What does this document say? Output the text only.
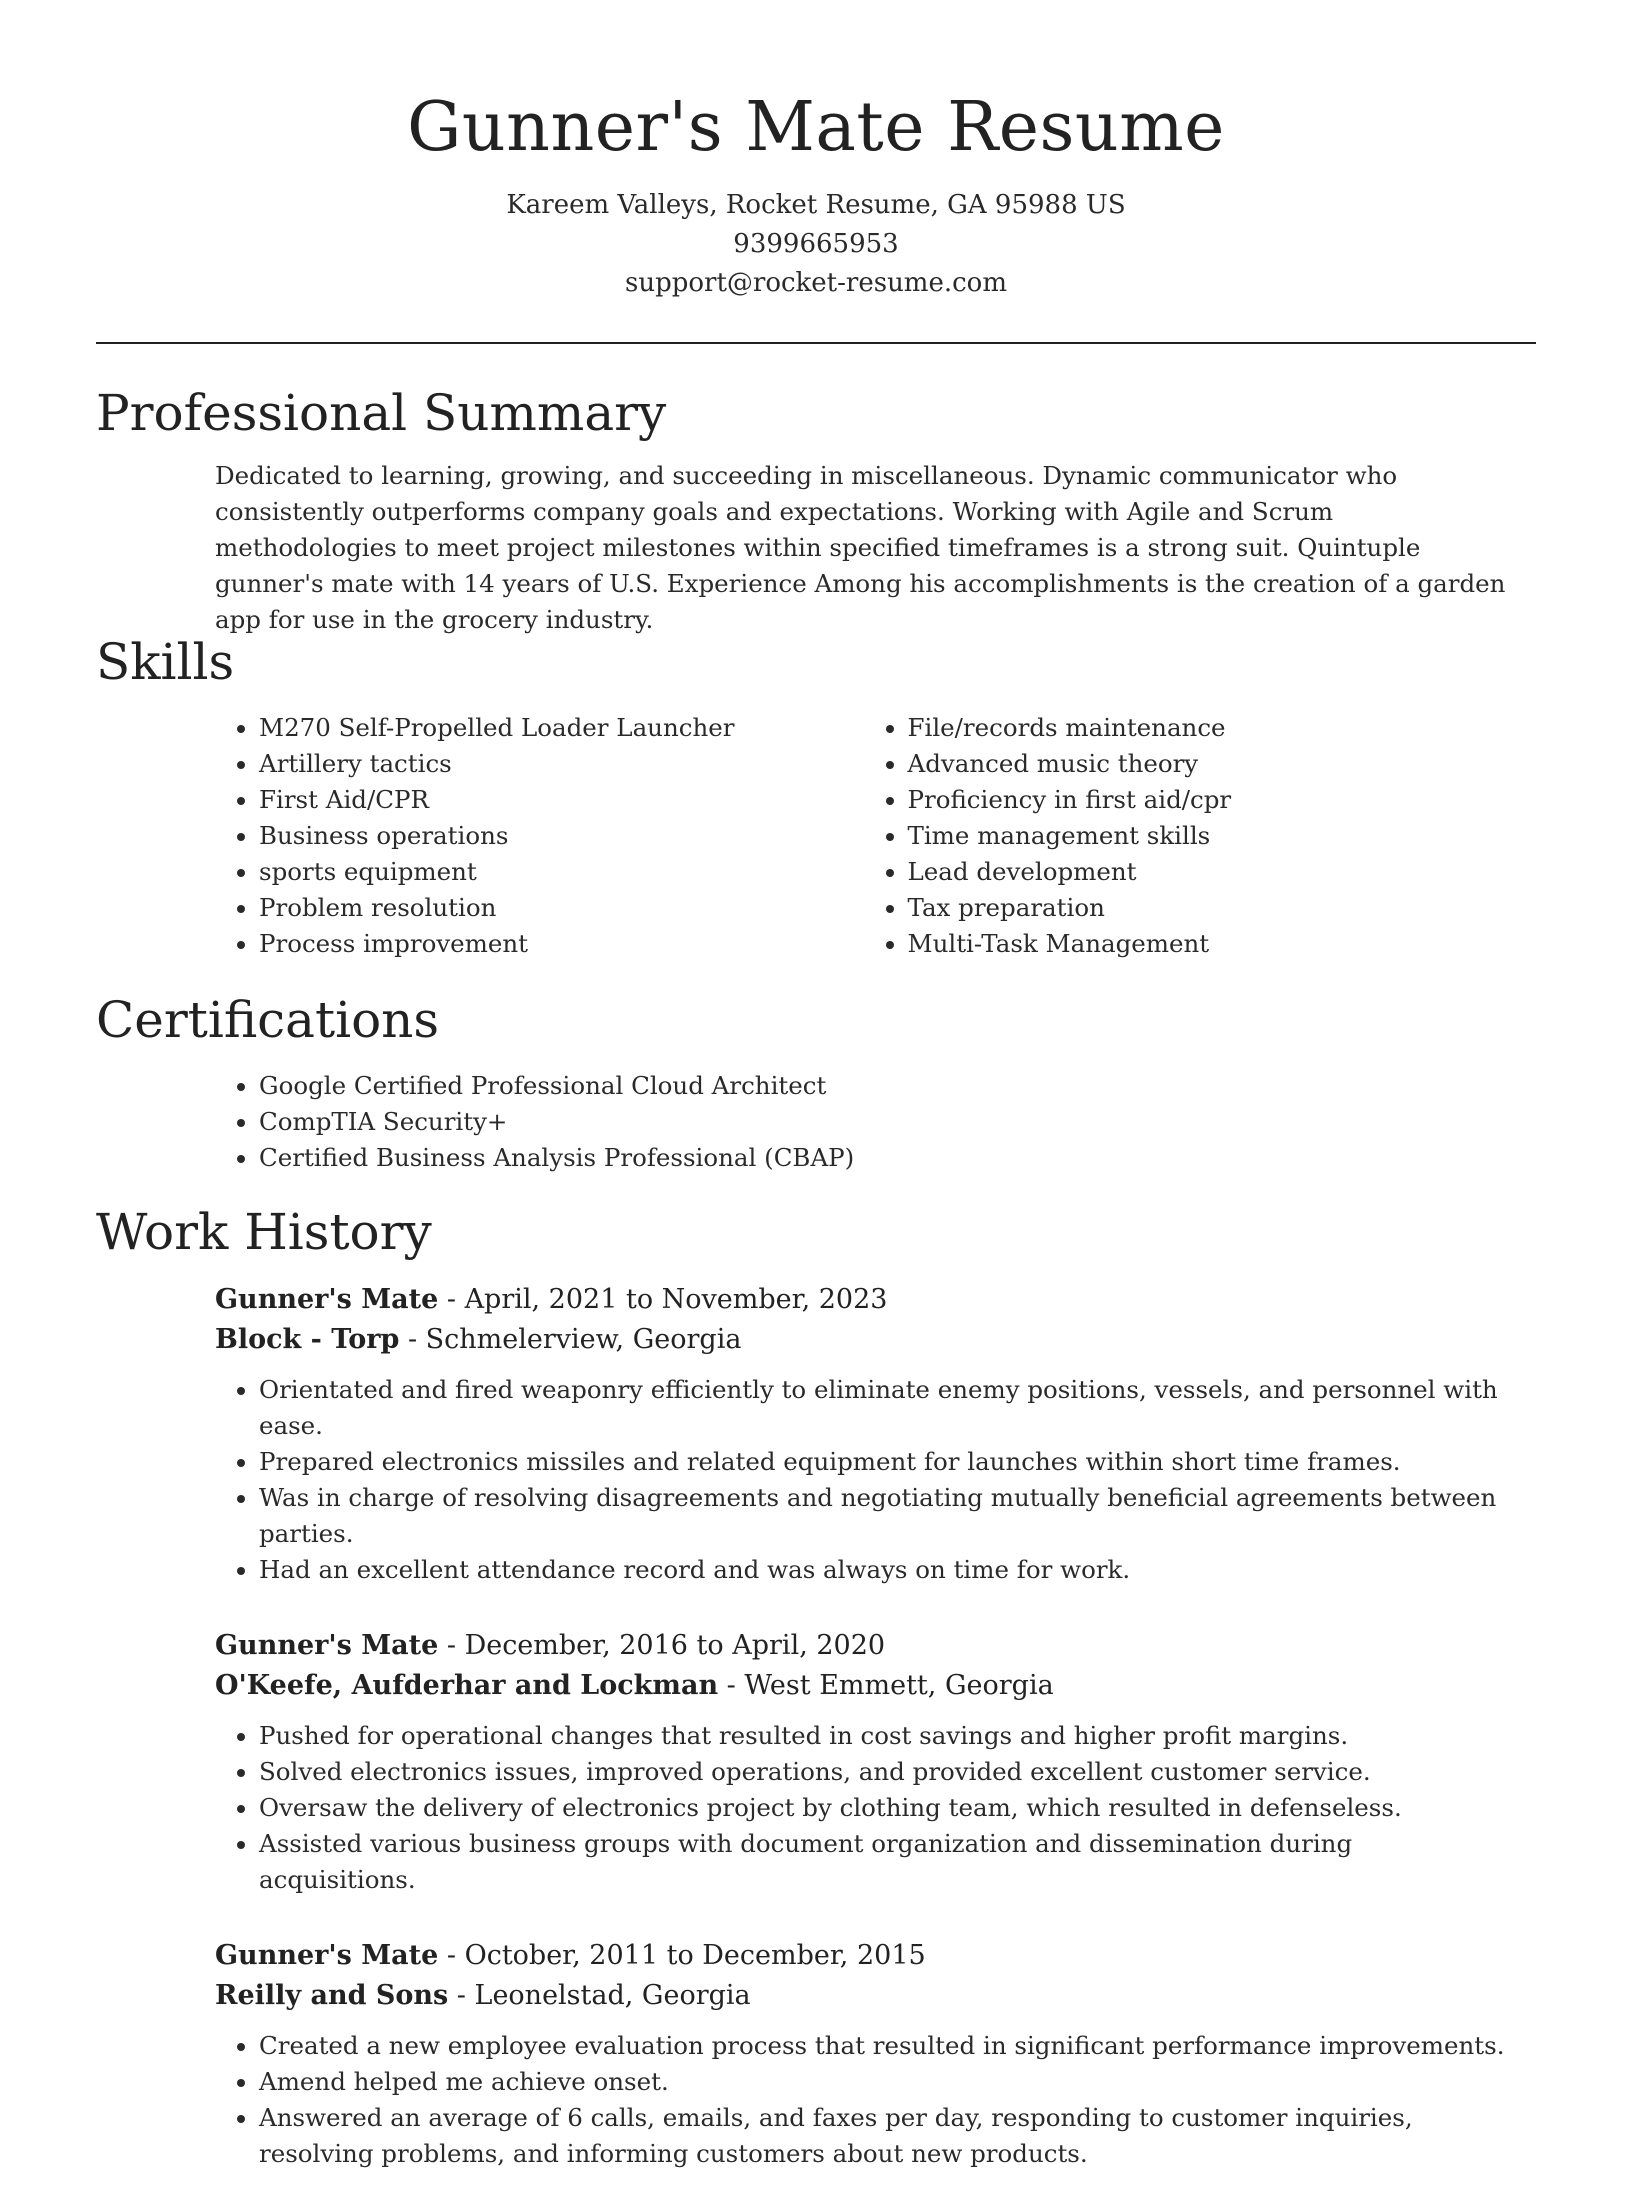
Gunner's Mate Resume
Kareem Valleys, Rocket Resume, GA 95988 US
9399665953
support@rocket-resume.com
Professional Summary

Dedicated to learning, growing, and succeeding in miscellaneous. Dynamic communicator who consistently outperforms company goals and expectations. Working with Agile and Scrum methodologies to meet project milestones within specified timeframes is a strong suit. Quintuple gunner's mate with 14 years of U.S. Experience Among his accomplishments is the creation of a garden app for use in the grocery industry.

Skills
• M270 Self-Propelled Loader Launcher
• Artillery tactics
• First Aid/CPR
• Business operations
• sports equipment
• Problem resolution
• Process improvement
• File/records maintenance
• Advanced music theory
• Proficiency in first aid/cpr
• Time management skills
• Lead development
• Tax preparation
• Multi-Task Management
Certifications
• Google Certified Professional Cloud Architect
• CompTIA Security+
• Certified Business Analysis Professional (CBAP)
Work History
Gunner's Mate - April, 2021 to November, 2023
Block - Torp - Schmelerview, Georgia
• Orientated and fired weaponry efficiently to eliminate enemy positions, vessels, and personnel with ease.
• Prepared electronics missiles and related equipment for launches within short time frames.
• Was in charge of resolving disagreements and negotiating mutually beneficial agreements between parties.
• Had an excellent attendance record and was always on time for work.
Gunner's Mate - December, 2016 to April, 2020
O'Keefe, Aufderhar and Lockman - West Emmett, Georgia
• Pushed for operational changes that resulted in cost savings and higher profit margins.
• Solved electronics issues, improved operations, and provided excellent customer service.
• Oversaw the delivery of electronics project by clothing team, which resulted in defenseless.
• Assisted various business groups with document organization and dissemination during acquisitions.
Gunner's Mate - October, 2011 to December, 2015
Reilly and Sons - Leonelstad, Georgia
• Created a new employee evaluation process that resulted in significant performance improvements.
• Amend helped me achieve onset.
• Answered an average of 6 calls, emails, and faxes per day, responding to customer inquiries, resolving problems, and informing customers about new products.
